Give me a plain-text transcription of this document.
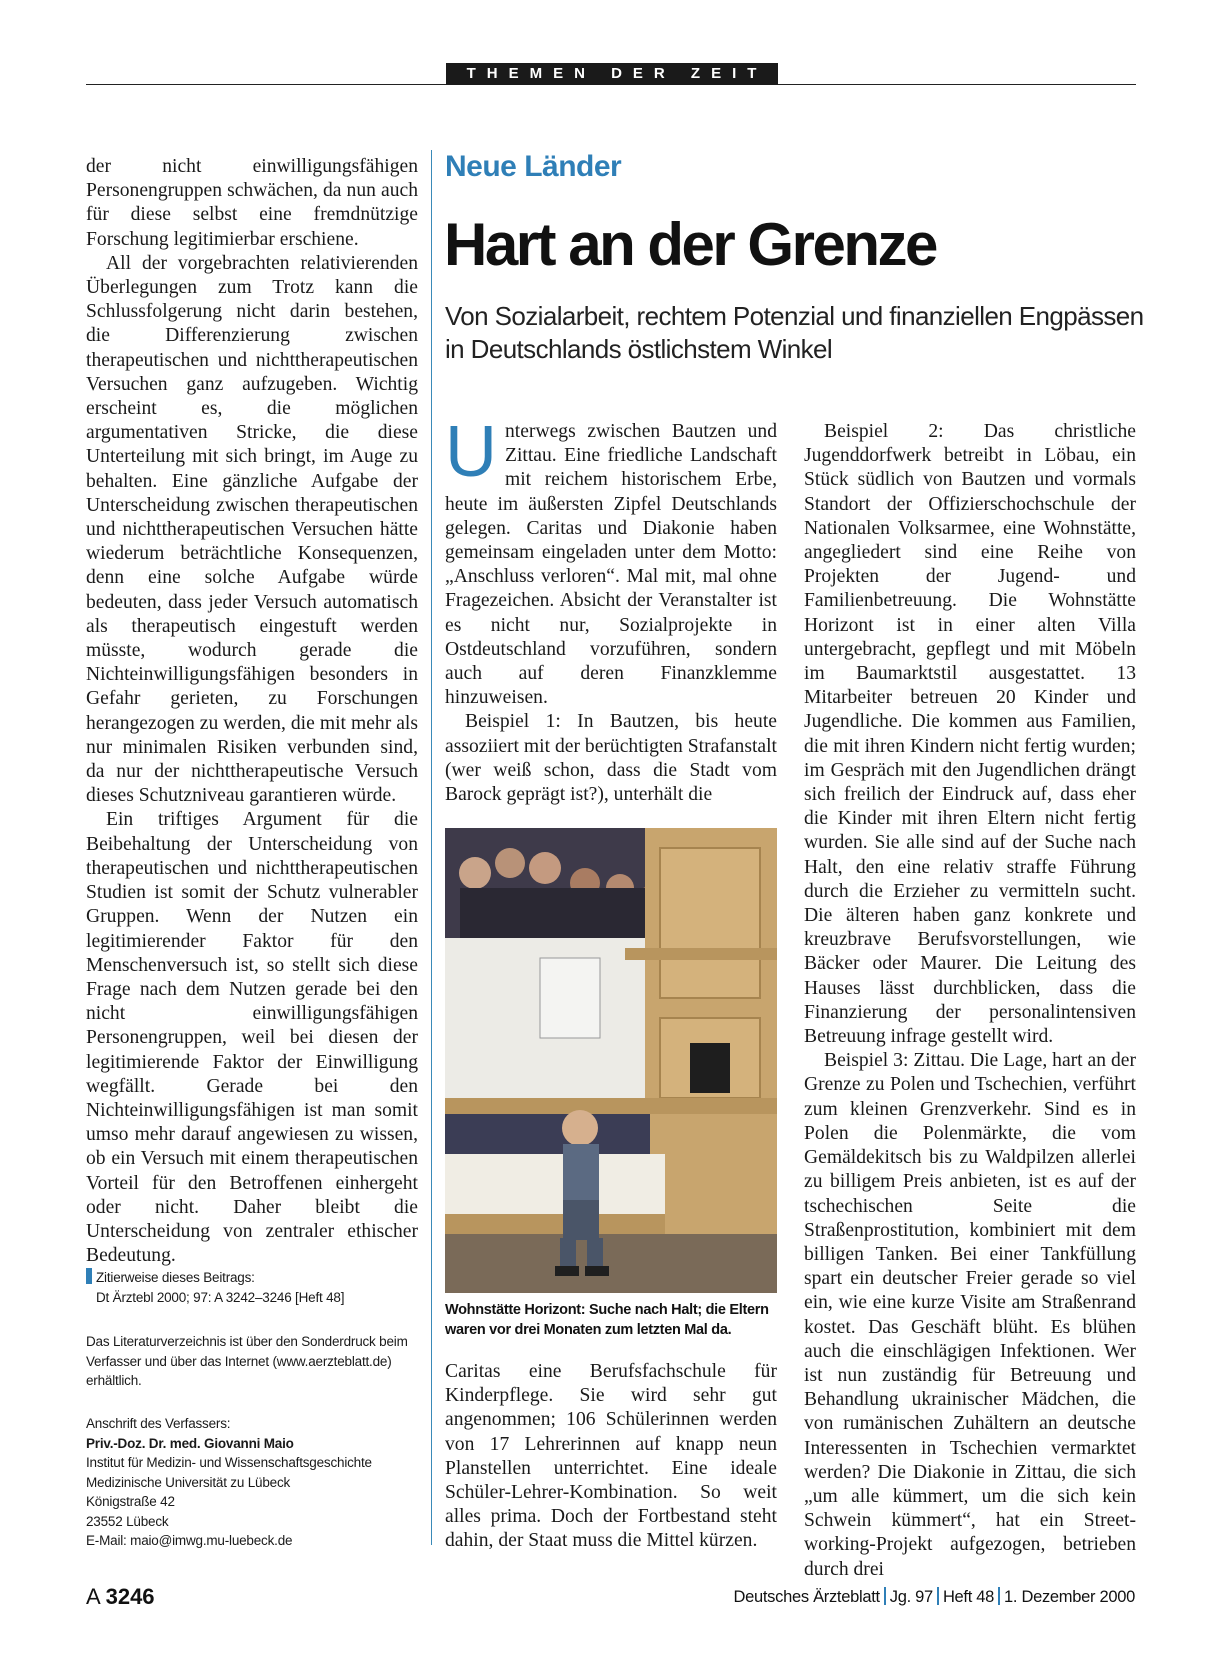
THEMEN DER ZEIT

der nicht einwilligungsfähigen Personengruppen schwächen, da nun auch für diese selbst eine fremdnützige Forschung legitimierbar erschiene.

All der vorgebrachten relativierenden Überlegungen zum Trotz kann die Schlussfolgerung nicht darin bestehen, die Differenzierung zwischen therapeutischen und nichttherapeutischen Versuchen ganz aufzugeben. Wichtig erscheint es, die möglichen argumentativen Stricke, die diese Unterteilung mit sich bringt, im Auge zu behalten. Eine gänzliche Aufgabe der Unterscheidung zwischen therapeutischen und nichttherapeutischen Versuchen hätte wiederum beträchtliche Konsequenzen, denn eine solche Aufgabe würde bedeuten, dass jeder Versuch automatisch als therapeutisch eingestuft werden müsste, wodurch gerade die Nichteinwilligungsfähigen besonders in Gefahr gerieten, zu Forschungen herangezogen zu werden, die mit mehr als nur minimalen Risiken verbunden sind, da nur der nichttherapeutische Versuch dieses Schutzniveau garantieren würde.

Ein triftiges Argument für die Beibehaltung der Unterscheidung von therapeutischen und nichttherapeutischen Studien ist somit der Schutz vulnerabler Gruppen. Wenn der Nutzen ein legitimierender Faktor für den Menschenversuch ist, so stellt sich diese Frage nach dem Nutzen gerade bei den nicht einwilligungsfähigen Personengruppen, weil bei diesen der legitimierende Faktor der Einwilligung wegfällt. Gerade bei den Nichteinwilligungsfähigen ist man somit umso mehr darauf angewiesen zu wissen, ob ein Versuch mit einem therapeutischen Vorteil für den Betroffenen einhergeht oder nicht. Daher bleibt die Unterscheidung von zentraler ethischer Bedeutung.

Zitierweise dieses Beitrags:
Dt Ärztebl 2000; 97: A 3242–3246 [Heft 48]
Das Literaturverzeichnis ist über den Sonderdruck beim Verfasser und über das Internet (www.aerzteblatt.de) erhältlich.
Anschrift des Verfassers:
Priv.-Doz. Dr. med. Giovanni Maio
Institut für Medizin- und Wissenschaftsgeschichte
Medizinische Universität zu Lübeck
Königstraße 42
23552 Lübeck
E-Mail: maio@imwg.mu-luebeck.de
Neue Länder
Hart an der Grenze
Von Sozialarbeit, rechtem Potenzial und finanziellen Engpässen in Deutschlands östlichstem Winkel

Unterwegs zwischen Bautzen und Zittau. Eine friedliche Landschaft mit reichem historischem Erbe, heute im äußersten Zipfel Deutschlands gelegen. Caritas und Diakonie haben gemeinsam eingeladen unter dem Motto: „Anschluss verloren“. Mal mit, mal ohne Fragezeichen. Absicht der Veranstalter ist es nicht nur, Sozialprojekte in Ostdeutschland vorzuführen, sondern auch auf deren Finanzklemme hinzuweisen.

Beispiel 1: In Bautzen, bis heute assoziiert mit der berüchtigten Strafanstalt (wer weiß schon, dass die Stadt vom Barock geprägt ist?), unterhält die

Wohnstätte Horizont: Suche nach Halt; die Eltern waren vor drei Monaten zum letzten Mal da.

Caritas eine Berufsfachschule für Kinderpflege. Sie wird sehr gut angenommen; 106 Schülerinnen werden von 17 Lehrerinnen auf knapp neun Planstellen unterrichtet. Eine ideale Schüler-Lehrer-Kombination. So weit alles prima. Doch der Fortbestand steht dahin, der Staat muss die Mittel kürzen.

Beispiel 2: Das christliche Jugenddorfwerk betreibt in Löbau, ein Stück südlich von Bautzen und vormals Standort der Offizierschochschule der Nationalen Volksarmee, eine Wohnstätte, angegliedert sind eine Reihe von Projekten der Jugend- und Familienbetreuung. Die Wohnstätte Horizont ist in einer alten Villa untergebracht, gepflegt und mit Möbeln im Baumarktstil ausgestattet. 13 Mitarbeiter betreuen 20 Kinder und Jugendliche. Die kommen aus Familien, die mit ihren Kindern nicht fertig wurden; im Gespräch mit den Jugendlichen drängt sich freilich der Eindruck auf, dass eher die Kinder mit ihren Eltern nicht fertig wurden. Sie alle sind auf der Suche nach Halt, den eine relativ straffe Führung durch die Erzieher zu vermitteln sucht. Die älteren haben ganz konkrete und kreuzbrave Berufsvorstellungen, wie Bäcker oder Maurer. Die Leitung des Hauses lässt durchblicken, dass die Finanzierung der personalintensiven Betreuung infrage gestellt wird.

Beispiel 3: Zittau. Die Lage, hart an der Grenze zu Polen und Tschechien, verführt zum kleinen Grenzverkehr. Sind es in Polen die Polenmärkte, die vom Gemäldekitsch bis zu Waldpilzen allerlei zu billigem Preis anbieten, ist es auf der tschechischen Seite die Straßenprostitution, kombiniert mit dem billigen Tanken. Bei einer Tankfüllung spart ein deutscher Freier gerade so viel ein, wie eine kurze Visite am Straßenrand kostet. Das Geschäft blüht. Es blühen auch die einschlägigen Infektionen. Wer ist nun zuständig für Betreuung und Behandlung ukrainischer Mädchen, die von rumänischen Zuhältern an deutsche Interessenten in Tschechien vermarktet werden? Die Diakonie in Zittau, die sich „um alle kümmert, um die sich kein Schwein kümmert“, hat ein Street-working-Projekt aufgezogen, betrieben durch drei

A 3246	Deutsches Ärzteblatt Jg. 97 Heft 48 1. Dezember 2000
